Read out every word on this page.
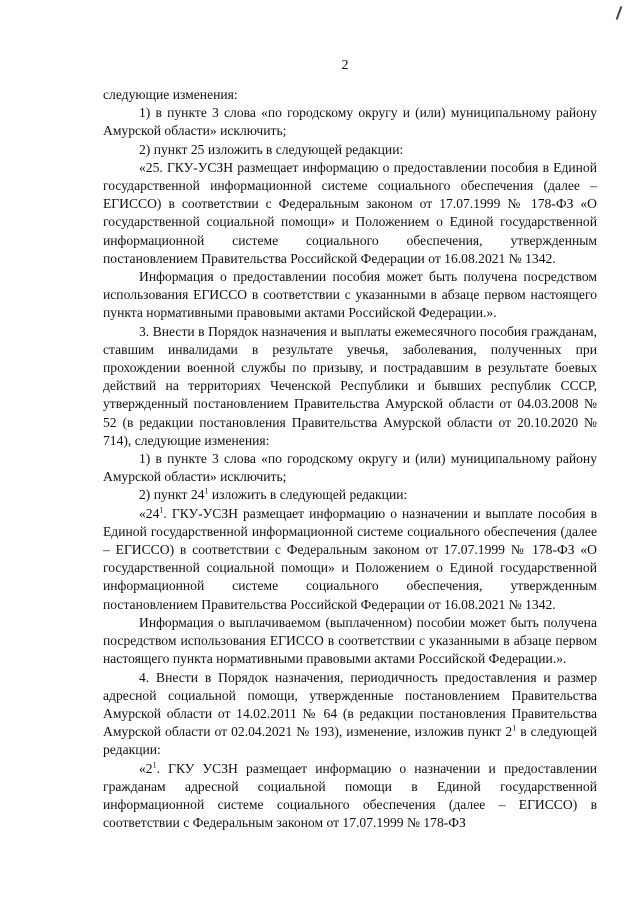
2

следующие изменения:

1) в пункте 3 слова «по городскому округу и (или) муниципальному району Амурской области» исключить;

2) пункт 25 изложить в следующей редакции:

«25. ГКУ-УСЗН размещает информацию о предоставлении пособия в Единой государственной информационной системе социального обеспечения (далее – ЕГИССО) в соответствии с Федеральным законом от 17.07.1999 № 178-ФЗ «О государственной социальной помощи» и Положением о Единой государственной информационной системе социального обеспечения, утвержденным постановлением Правительства Российской Федерации от 16.08.2021 № 1342.

Информация о предоставлении пособия может быть получена посредством использования ЕГИССО в соответствии с указанными в абзаце первом настоящего пункта нормативными правовыми актами Российской Федерации.».

3. Внести в Порядок назначения и выплаты ежемесячного пособия гражданам, ставшим инвалидами в результате увечья, заболевания, полученных при прохождении военной службы по призыву, и пострадавшим в результате боевых действий на территориях Чеченской Республики и бывших республик СССР, утвержденный постановлением Правительства Амурской области от 04.03.2008 № 52 (в редакции постановления Правительства Амурской области от 20.10.2020 № 714), следующие изменения:

1) в пункте 3 слова «по городскому округу и (или) муниципальному району Амурской области» исключить;

2) пункт $24^1$ изложить в следующей редакции:

«$24^1$. ГКУ-УСЗН размещает информацию о назначении и выплате пособия в Единой государственной информационной системе социального обеспечения (далее – ЕГИССО) в соответствии с Федеральным законом от 17.07.1999 № 178-ФЗ «О государственной социальной помощи» и Положением о Единой государственной информационной системе социального обеспечения, утвержденным постановлением Правительства Российской Федерации от 16.08.2021 № 1342.

Информация о выплачиваемом (выплаченном) пособии может быть получена посредством использования ЕГИССО в соответствии с указанными в абзаце первом настоящего пункта нормативными правовыми актами Российской Федерации.».

4. Внести в Порядок назначения, периодичность предоставления и размер адресной социальной помощи, утвержденные постановлением Правительства Амурской области от 14.02.2011 № 64 (в редакции постановления Правительства Амурской области от 02.04.2021 № 193), изменение, изложив пункт $2^1$ в следующей редакции:

«$2^1$. ГКУ УСЗН размещает информацию о назначении и предоставлении гражданам адресной социальной помощи в Единой государственной информационной системе социального обеспечения (далее – ЕГИССО) в соответствии с Федеральным законом от 17.07.1999 № 178-ФЗ
